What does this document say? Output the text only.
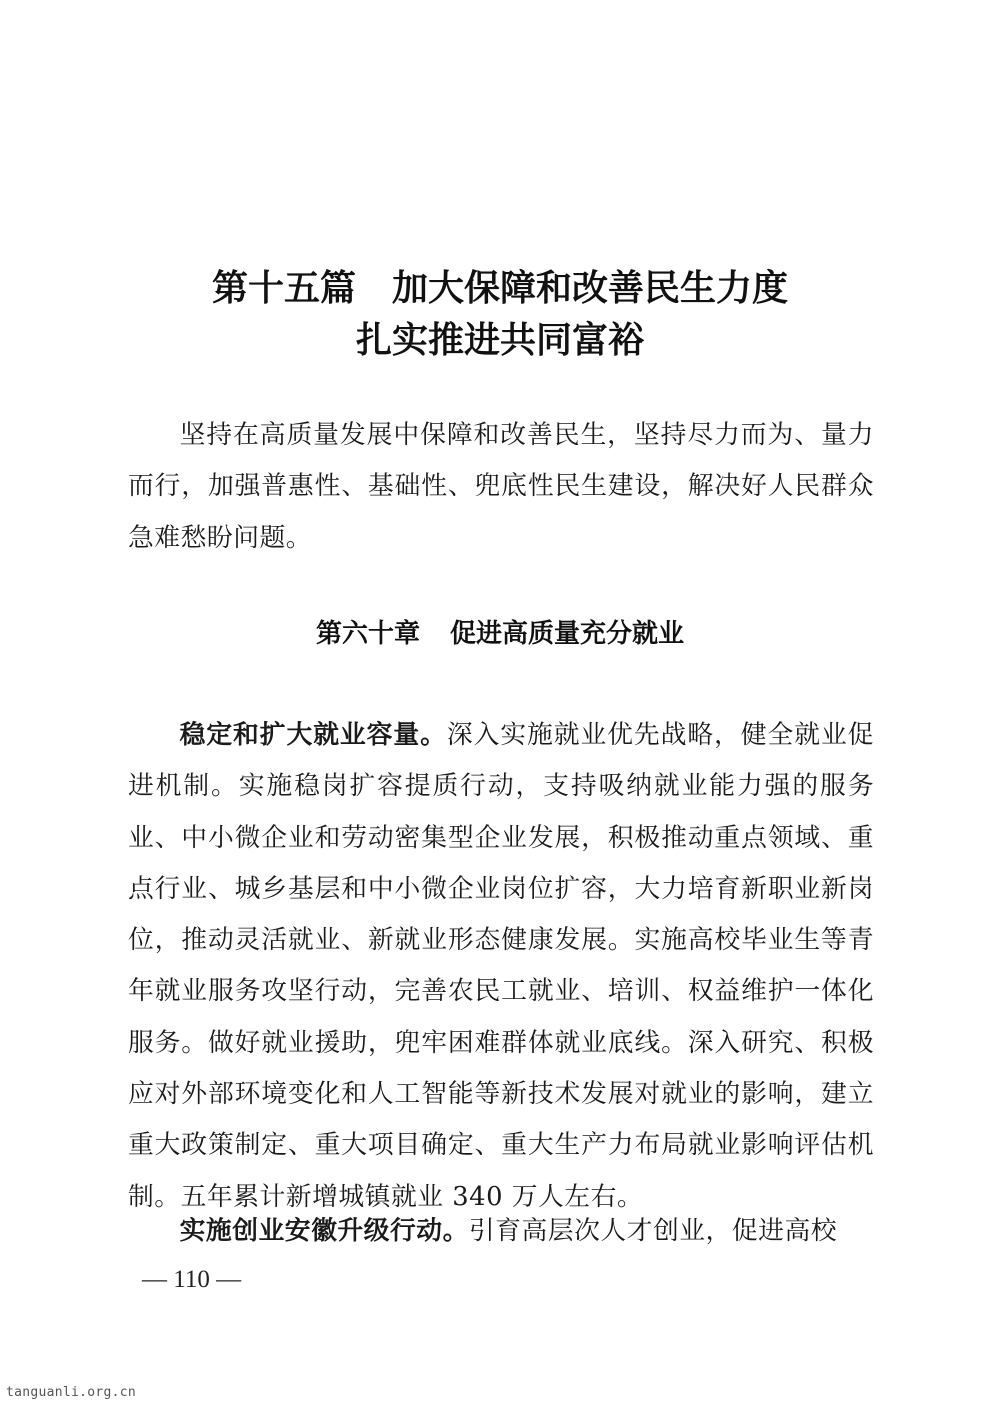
第十五篇 加大保障和改善民生力度
扎实推进共同富裕

坚持在高质量发展中保障和改善民生，坚持尽力而为、量力而行，加强普惠性、基础性、兜底性民生建设，解决好人民群众急难愁盼问题。

第六十章 促进高质量充分就业

稳定和扩大就业容量。深入实施就业优先战略，健全就业促进机制。实施稳岗扩容提质行动，支持吸纳就业能力强的服务业、中小微企业和劳动密集型企业发展，积极推动重点领域、重点行业、城乡基层和中小微企业岗位扩容，大力培育新职业新岗位，推动灵活就业、新就业形态健康发展。实施高校毕业生等青年就业服务攻坚行动，完善农民工就业、培训、权益维护一体化服务。做好就业援助，兜牢困难群体就业底线。深入研究、积极应对外部环境变化和人工智能等新技术发展对就业的影响，建立重大政策制定、重大项目确定、重大生产力布局就业影响评估机制。五年累计新增城镇就业 340 万人左右。

实施创业安徽升级行动。引育高层次人才创业，促进高校

— 110 —
tanguanli.org.cn
